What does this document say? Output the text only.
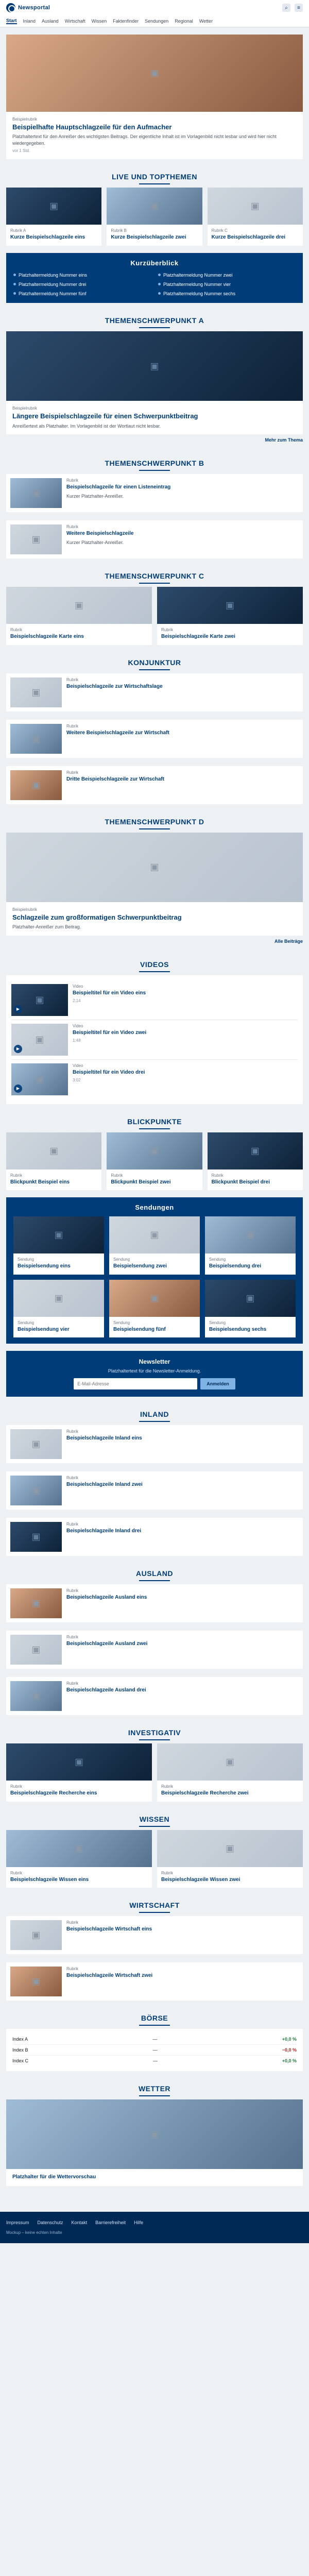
Newsportal	⌕	≡
Start Inland Ausland Wirtschaft Wissen Faktenfinder Sendungen Regional Wetter
▣
Beispielrubrik
Beispielhafte Hauptschlagzeile für den Aufmacher
Platzhaltertext für den Anreißer des wichtigsten Beitrags. Der eigentliche Inhalt ist im Vorlagenbild nicht lesbar und wird hier nicht wiedergegeben.
vor 1 Std.
LIVE UND TOPTHEMEN
▣
Rubrik A
Kurze Beispielschlagzeile eins
▣
Rubrik B
Kurze Beispielschlagzeile zwei
▣
Rubrik C
Kurze Beispielschlagzeile drei
Kurzüberblick
Platzhaltermeldung Nummer eins	Platzhaltermeldung Nummer zwei
Platzhaltermeldung Nummer drei	Platzhaltermeldung Nummer vier
Platzhaltermeldung Nummer fünf	Platzhaltermeldung Nummer sechs
THEMENSCHWERPUNKT A
▣
Beispielrubrik
Längere Beispielschlagzeile für einen Schwerpunktbeitrag
Anreißertext als Platzhalter. Im Vorlagenbild ist der Wortlaut nicht lesbar.
Mehr zum Thema
THEMENSCHWERPUNKT B
▣
Rubrik
Beispielschlagzeile für einen Listeneintrag
Kurzer Platzhalter-Anreißer.
▣
Rubrik
Weitere Beispielschlagzeile
Kurzer Platzhalter-Anreißer.
THEMENSCHWERPUNKT C
▣
Rubrik
Beispielschlagzeile Karte eins
▣
Rubrik
Beispielschlagzeile Karte zwei
KONJUNKTUR
▣
Rubrik
Beispielschlagzeile zur Wirtschaftslage
▣
Rubrik
Weitere Beispielschlagzeile zur Wirtschaft
▣
Rubrik
Dritte Beispielschlagzeile zur Wirtschaft
THEMENSCHWERPUNKT D
▣
Beispielrubrik
Schlagzeile zum großformatigen Schwerpunktbeitrag
Platzhalter-Anreißer zum Beitrag.
Alle Beiträge
VIDEOS
▶
▣
Video
Beispieltitel für ein Video eins
2:14
▶
▣
Video
Beispieltitel für ein Video zwei
1:48
▶
▣
Video
Beispieltitel für ein Video drei
3:02
BLICKPUNKTE
▣
Rubrik
Blickpunkt Beispiel eins
▣
Rubrik
Blickpunkt Beispiel zwei
▣
Rubrik
Blickpunkt Beispiel drei
Sendungen
▣
Sendung
Beispielsendung eins
▣
Sendung
Beispielsendung zwei
▣
Sendung
Beispielsendung drei
▣
Sendung
Beispielsendung vier
▣
Sendung
Beispielsendung fünf
▣
Sendung
Beispielsendung sechs
Newsletter
Platzhaltertext für die Newsletter-Anmeldung.
E-Mail-Adresse
Anmelden
INLAND
▣
Rubrik
Beispielschlagzeile Inland eins
▣
Rubrik
Beispielschlagzeile Inland zwei
▣
Rubrik
Beispielschlagzeile Inland drei
AUSLAND
▣
Rubrik
Beispielschlagzeile Ausland eins
▣
Rubrik
Beispielschlagzeile Ausland zwei
▣
Rubrik
Beispielschlagzeile Ausland drei
INVESTIGATIV
▣
Rubrik
Beispielschlagzeile Recherche eins
▣
Rubrik
Beispielschlagzeile Recherche zwei
WISSEN
▣
Rubrik
Beispielschlagzeile Wissen eins
▣
Rubrik
Beispielschlagzeile Wissen zwei
WIRTSCHAFT
▣
Rubrik
Beispielschlagzeile Wirtschaft eins
▣
Rubrik
Beispielschlagzeile Wirtschaft zwei
BÖRSE
Index A	—	+0,0 %
Index B	—	−0,0 %
Index C	—	+0,0 %
WETTER
▣
Platzhalter für die Wettervorschau
Impressum Datenschutz Kontakt Barrierefreiheit Hilfe
Mockup – keine echten Inhalte
